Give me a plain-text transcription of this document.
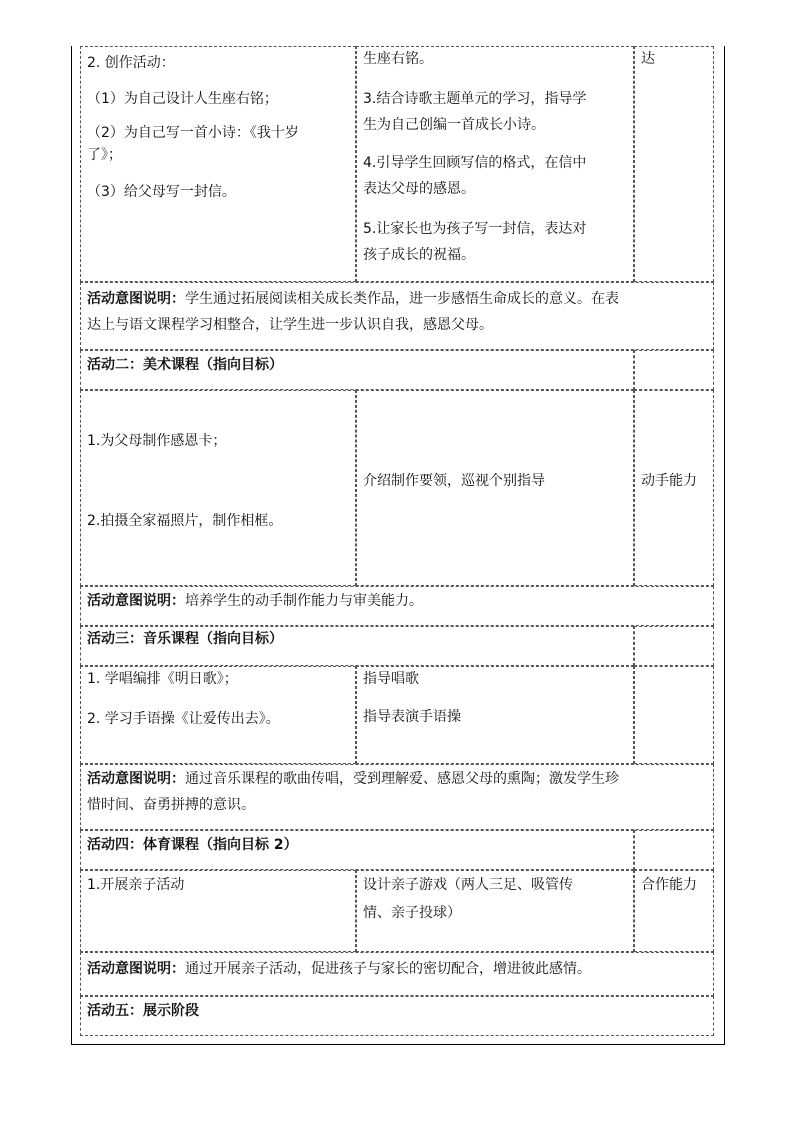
2. 创作活动：

（1）为自己设计人生座右铭；

（2）为自己写一首小诗：《我十岁

了》；

（3）给父母写一封信。

生座右铭。

3.结合诗歌主题单元的学习，指导学

生为自己创编一首成长小诗。

4.引导学生回顾写信的格式，在信中

表达父母的感恩。

5.让家长也为孩子写一封信，表达对

孩子成长的祝福。

达

活动意图说明：学生通过拓展阅读相关成长类作品，进一步感悟生命成长的意义。在表

达上与语文课程学习相整合，让学生进一步认识自我，感恩父母。

活动二：美术课程（指向目标）

1.为父母制作感恩卡；

2.拍摄全家福照片，制作相框。

介绍制作要领，巡视个别指导	动手能力

活动意图说明：培养学生的动手制作能力与审美能力。

活动三：音乐课程（指向目标）

1. 学唱编排《明日歌》；

2. 学习手语操《让爱传出去》。

指导唱歌

指导表演手语操

活动意图说明：通过音乐课程的歌曲传唱，受到理解爱、感恩父母的熏陶；激发学生珍

惜时间、奋勇拼搏的意识。

活动四：体育课程（指向目标 2）

1.开展亲子活动	设计亲子游戏（两人三足、吸管传

情、亲子投球）

合作能力

活动意图说明：通过开展亲子活动，促进孩子与家长的密切配合，增进彼此感情。

活动五：展示阶段
